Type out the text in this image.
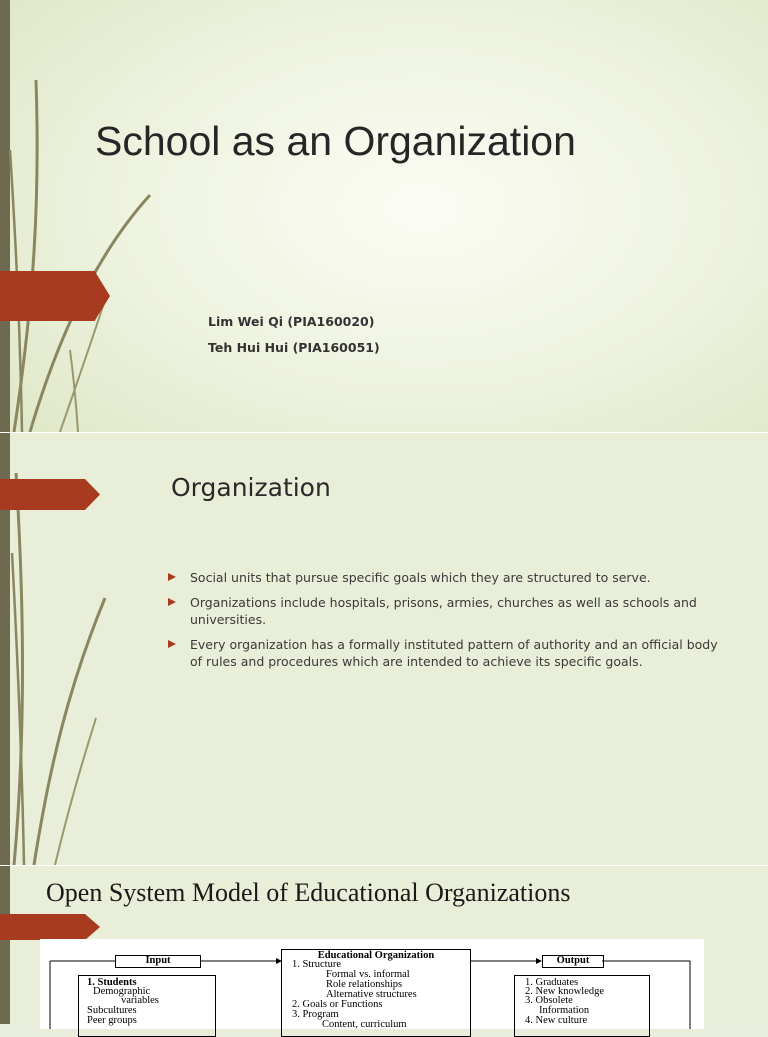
School as an Organization
Lim Wei Qi (PIA160020)
Teh Hui Hui (PIA160051)
Organization
Social units that pursue specific goals which they are structured to serve.
Organizations include hospitals, prisons, armies, churches as well as schools and universities.
Every organization has a formally instituted pattern of authority and an official body of rules and procedures which are intended to achieve its specific goals.
Open System Model of Educational Organizations
Input
1. Students
Demographic
variables
Subcultures
Peer groups
Educational Organization
1. Structure
Formal vs. informal
Role relationships
Alternative structures
2. Goals or Functions
3. Program
Content, curriculum
Output
1. Graduates
2. New knowledge
3. Obsolete
Information
4. New culture
